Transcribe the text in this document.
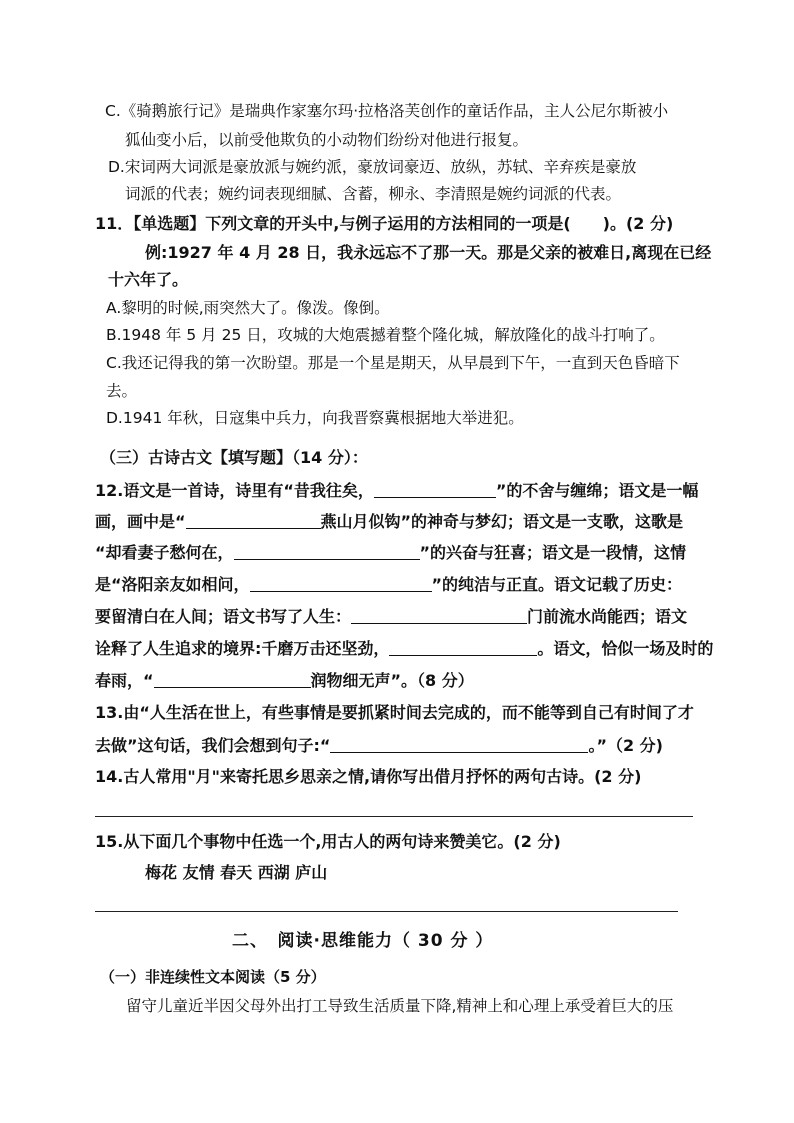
C.《骑鹅旅行记》是瑞典作家塞尔玛·拉格洛芙创作的童话作品，主人公尼尔斯被小
狐仙变小后，以前受他欺负的小动物们纷纷对他进行报复。
D.宋词两大词派是豪放派与婉约派，豪放词豪迈、放纵，苏轼、辛弃疾是豪放
词派的代表；婉约词表现细腻、含蓄，柳永、李清照是婉约词派的代表。
11．【单选题】下列文章的开头中,与例子运用的方法相同的一项是(　　)。(2 分)
例:1927 年 4 月 28 日，我永远忘不了那一天。那是父亲的被难日,离现在已经
十六年了。
A.黎明的时候,雨突然大了。像泼。像倒。
B.1948 年 5 月 25 日，攻城的大炮震撼着整个隆化城，解放隆化的战斗打响了。
C.我还记得我的第一次盼望。那是一个星是期天，从早晨到下午，一直到天色昏暗下
去。
D.1941 年秋，日寇集中兵力，向我晋察冀根据地大举进犯。
（三）古诗古文【填写题】（14 分）：
12.语文是一首诗，诗里有“昔我往矣，	”的不舍与缠绵；语文是一幅
画，画中是“	燕山月似钩”的神奇与梦幻；语文是一支歌，这歌是
“却看妻子愁何在，	”的兴奋与狂喜；语文是一段情，这情
是“洛阳亲友如相问，	”的纯洁与正直。语文记载了历史：
要留清白在人间；语文书写了人生：	门前流水尚能西；语文
诠释了人生追求的境界:千磨万击还坚劲，	。语文，恰似一场及时的
春雨，“	润物细无声”。（8 分）
13.由“人生活在世上，有些事情是要抓紧时间去完成的，而不能等到自己有时间了才
去做”这句话，我们会想到句子:“	。”（2 分)
14.古人常用"月"来寄托思乡思亲之情,请你写出借月抒怀的两句古诗。(2 分)
15.从下面几个事物中任选一个,用古人的两句诗来赞美它。(2 分)
梅花 友情 春天 西湖 庐山
二、　阅读·思维能力（ 30 分 ）
（一）非连续性文本阅读（5 分）
留守儿童近半因父母外出打工导致生活质量下降,精神上和心理上承受着巨大的压
